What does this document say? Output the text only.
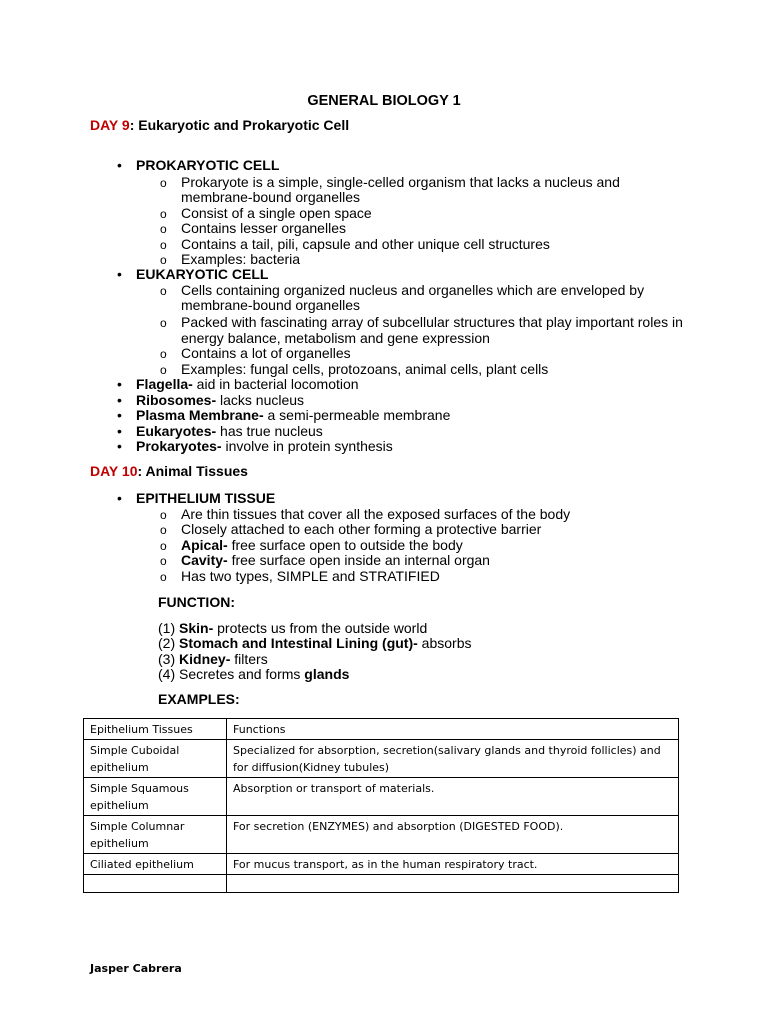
GENERAL BIOLOGY 1
DAY 9: Eukaryotic and Prokaryotic Cell
• PROKARYOTIC CELL
o Prokaryote is a simple, single-celled organism that lacks a nucleus and
membrane-bound organelles
o Consist of a single open space
o Contains lesser organelles
o Contains a tail, pili, capsule and other unique cell structures
o Examples: bacteria
• EUKARYOTIC CELL
o Cells containing organized nucleus and organelles which are enveloped by
membrane-bound organelles
o Packed with fascinating array of subcellular structures that play important roles in
energy balance, metabolism and gene expression
o Contains a lot of organelles
o Examples: fungal cells, protozoans, animal cells, plant cells
• Flagella- aid in bacterial locomotion
• Ribosomes- lacks nucleus
• Plasma Membrane- a semi-permeable membrane
• Eukaryotes- has true nucleus
• Prokaryotes- involve in protein synthesis
DAY 10: Animal Tissues
• EPITHELIUM TISSUE
o Are thin tissues that cover all the exposed surfaces of the body
o Closely attached to each other forming a protective barrier
o Apical- free surface open to outside the body
o Cavity- free surface open inside an internal organ
o Has two types, SIMPLE and STRATIFIED
FUNCTION:
(1) Skin- protects us from the outside world
(2) Stomach and Intestinal Lining (gut)- absorbs
(3) Kidney- filters
(4) Secretes and forms glands
EXAMPLES:
Epithelium Tissues	Functions
Simple Cuboidal epithelium	Specialized for absorption, secretion(salivary glands and thyroid follicles) and for diffusion(Kidney tubules)
Simple Squamous epithelium	Absorption or transport of materials.
Simple Columnar epithelium	For secretion (ENZYMES) and absorption (DIGESTED FOOD).
Ciliated epithelium	For mucus transport, as in the human respiratory tract.

Jasper Cabrera
